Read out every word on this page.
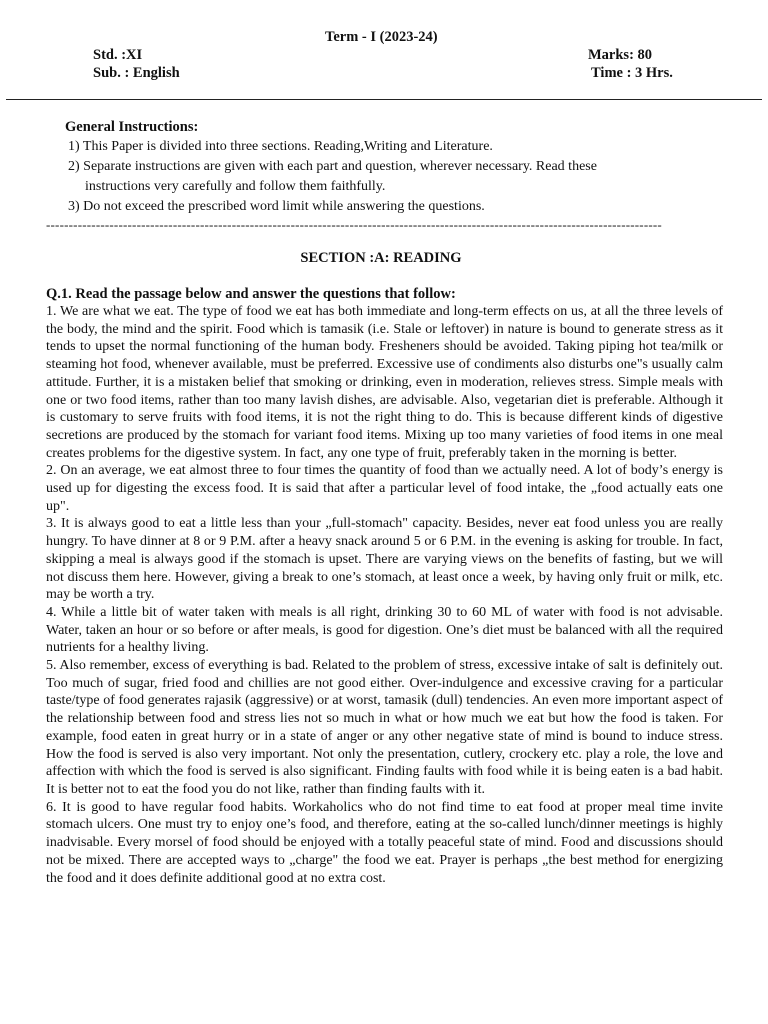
Term - I (2023-24)
Std. :XI	Marks: 80
Sub. : English	Time : 3 Hrs.
General Instructions:
1) This Paper is divided into three sections. Reading,Writing and Literature.
2) Separate instructions are given with each part and question, wherever necessary. Read these
instructions very carefully and follow them faithfully.
3) Do not exceed the prescribed word limit while answering the questions.
----------------------------------------------------------------------------------------------------------------------------------------
SECTION :A: READING
Q.1. Read the passage below and answer the questions that follow:

1. We are what we eat. The type of food we eat has both immediate and long-term effects on us, at all the three levels of the body, the mind and the spirit. Food which is tamasik (i.e. Stale or leftover) in nature is bound to generate stress as it tends to upset the normal functioning of the human body. Fresheners should be avoided. Taking piping hot tea/milk or steaming hot food, whenever available, must be preferred. Excessive use of condiments also disturbs one"s usually calm attitude. Further, it is a mistaken belief that smoking or drinking, even in moderation, relieves stress. Simple meals with one or two food items, rather than too many lavish dishes, are advisable. Also, vegetarian diet is preferable. Although it is customary to serve fruits with food items, it is not the right thing to do. This is because different kinds of digestive secretions are produced by the stomach for variant food items. Mixing up too many varieties of food items in one meal creates problems for the digestive system. In fact, any one type of fruit, preferably taken in the morning is better.

2. On an average, we eat almost three to four times the quantity of food than we actually need. A lot of body’s energy is used up for digesting the excess food. It is said that after a particular level of food intake, the „food actually eats one up".

3. It is always good to eat a little less than your „full-stomach" capacity. Besides, never eat food unless you are really hungry. To have dinner at 8 or 9 P.M. after a heavy snack around 5 or 6 P.M. in the evening is asking for trouble. In fact, skipping a meal is always good if the stomach is upset. There are varying views on the benefits of fasting, but we will not discuss them here. However, giving a break to one’s stomach, at least once a week, by having only fruit or milk, etc. may be worth a try.

4. While a little bit of water taken with meals is all right, drinking 30 to 60 ML of water with food is not advisable. Water, taken an hour or so before or after meals, is good for digestion. One’s diet must be balanced with all the required nutrients for a healthy living.

5. Also remember, excess of everything is bad. Related to the problem of stress, excessive intake of salt is definitely out. Too much of sugar, fried food and chillies are not good either. Over-indulgence and excessive craving for a particular taste/type of food generates rajasik (aggressive) or at worst, tamasik (dull) tendencies. An even more important aspect of the relationship between food and stress lies not so much in what or how much we eat but how the food is taken. For example, food eaten in great hurry or in a state of anger or any other negative state of mind is bound to induce stress. How the food is served is also very important. Not only the presentation, cutlery, crockery etc. play a role, the love and affection with which the food is served is also significant. Finding faults with food while it is being eaten is a bad habit. It is better not to eat the food you do not like, rather than finding faults with it.

6. It is good to have regular food habits. Workaholics who do not find time to eat food at proper meal time invite stomach ulcers. One must try to enjoy one’s food, and therefore, eating at the so-called lunch/dinner meetings is highly inadvisable. Every morsel of food should be enjoyed with a totally peaceful state of mind. Food and discussions should not be mixed. There are accepted ways to „charge" the food we eat. Prayer is perhaps „the best method for energizing the food and it does definite additional good at no extra cost.
